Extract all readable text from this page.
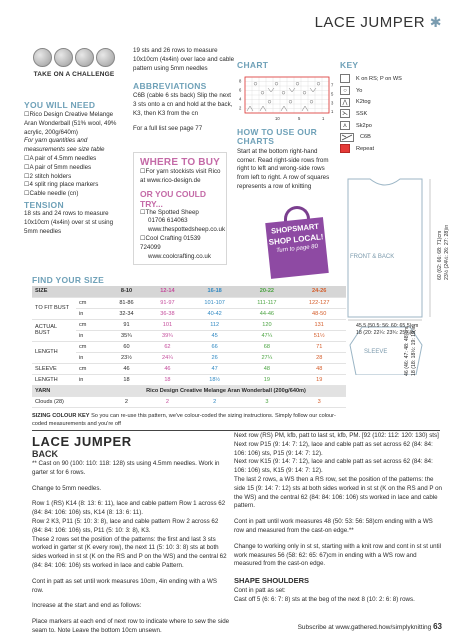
LACE JUMPER ✱
TAKE ON A CHALLENGE
YOU WILL NEED
☐Rico Design Creative Melange Aran Wonderball (51% wool, 49% acrylic, 200g/640m)
For yarn quantities and measurements see size table
☐A pair of 4.5mm needles
☐A pair of 5mm needles
☐2 stitch holders
☐4 split ring place markers
☐Cable needle (cn)
TENSION
18 sts and 24 rows to measure 10x10cm (4x4in) over st st using 5mm needles
19 sts and 26 rows to measure 10x10cm (4x4in) over lace and cable pattern using 5mm needles
ABBREVIATIONS
C6B (cable 6 sts back) Slip the next 3 sts onto a cn and hold at the back, K3, then K3 from the cn
For a full list see page 77
WHERE TO BUY
☐For yarn stockists visit Rico at www.rico-design.de
OR YOU COULD TRY...
☐The Spotted Sheep
01706 614063
www.thespottedsheep.co.uk
☐Cool Crafting 01539 724099
www.coolcrafting.co.uk
CHART
10	5	1
8
6
4
2
7
5
3
1
HOW TO USE OUR CHARTS
Start at the bottom right-hand corner. Read right-side rows from right to left and wrong-side rows from left to right. A row of squares represents a row of knitting
KEY
K on RS; P on WS
○	Yo
⋀	K2tog
⋋	SSK
⋏	Sk2po
C6B
Repeat
SHOPSMART
SHOP LOCAL!
Turn to page 80
FRONT & BACK
SLEEVE
45.5 (50.5: 56: 60: 65.5)cm
18 (20: 22¼: 23¾: 25¾)in
60 (62: 66: 68: 71)cm 23½ (24½: 26: 27: 28)in
46 (46: 47: 48: 48)cm 18 (18: 18½: 19: 19)in
FIND YOUR SIZE
SIZE		8-10	12-14	16-18	20-22	24-26
TO FIT BUST	cm	81-86	91-97	101-107	111-117	122-127
	in	32-34	36-38	40-42	44-46	48-50
ACTUAL BUST	cm	91	101	112	120	131
	in	35¾	39¾	45	47¼	51½
LENGTH	cm	60	62	66	68	71
	in	23½	24¼	26	27¼	28
SLEEVE	cm	46	46	47	48	48
LENGTH	in	18	18	18½	19	19
YARN		Rico Design Creative Melange Aran Wonderball (200g/640m)				
Clouds (28)		2	2	2	3	3
SIZING COLOUR KEY So you can re-use this pattern, we've colour-coded the sizing instructions. Simply follow our colour-coded measurements and you're off
LACE JUMPER
BACK

** Cast on 90 (100: 110: 118: 128) sts using 4.5mm needles. Work in garter st for 6 rows.

Change to 5mm needles.

Row 1 (RS) K14 (8: 13: 6: 11), lace and cable pattern Row 1 across 62 (84: 84: 106: 106) sts, K14 (8: 13: 6: 11).
Row 2 K3, P11 (5: 10: 3: 8), lace and cable pattern Row 2 across 62 (84: 84: 106: 106) sts, P11 (5: 10: 3: 8), K3.

These 2 rows set the position of the patterns: the first and last 3 sts worked in garter st (K every row), the next 11 (5: 10: 3: 8) sts at both sides worked in st st (K on the RS and P on the WS) and the central 62 (84: 84: 106: 106) sts worked in lace and cable Pattern.

Cont in patt as set until work measures 10cm, 4in ending with a WS row.

Increase at the start and end as follows:

Place markers at each end of next row to indicate where to sew the side seam to. Note Leave the bottom 10cm unsewn.

Next row (RS) PM, kfb, patt to last st, kfb, PM. [92 (102: 112: 120: 130) sts]
Next row P15 (9: 14: 7: 12), lace and cable patt as set across 62 (84: 84: 106: 106) sts, P15 (9: 14: 7: 12).
Next row K15 (9: 14: 7: 12), lace and cable patt as set across 62 (84: 84: 106: 106) sts, K15 (9: 14: 7: 12).

The last 2 rows, a WS then a RS row, set the position of the patterns: the side 15 (9: 14: 7: 12) sts at both sides worked in st st (K on the RS and P on the WS) and the central 62 (84: 84: 106: 106) sts worked in lace and cable pattern.

Cont in patt until work measures 48 (50: 53: 56: 58)cm ending with a WS row and measured from the cast-on edge.**

Change to working only in st st, starting with a knit row and cont in st st until work measures 56 (58: 62: 65: 67)cm in ending with a WS row and measured from the cast-on edge.

SHAPE SHOULDERS
Cont in patt as set:
Cast off 5 (6: 6: 7: 8) sts at the beg of the next 8 (10: 2: 6: 8) rows.
Subscribe at www.gathered.how/simplyknitting 63
